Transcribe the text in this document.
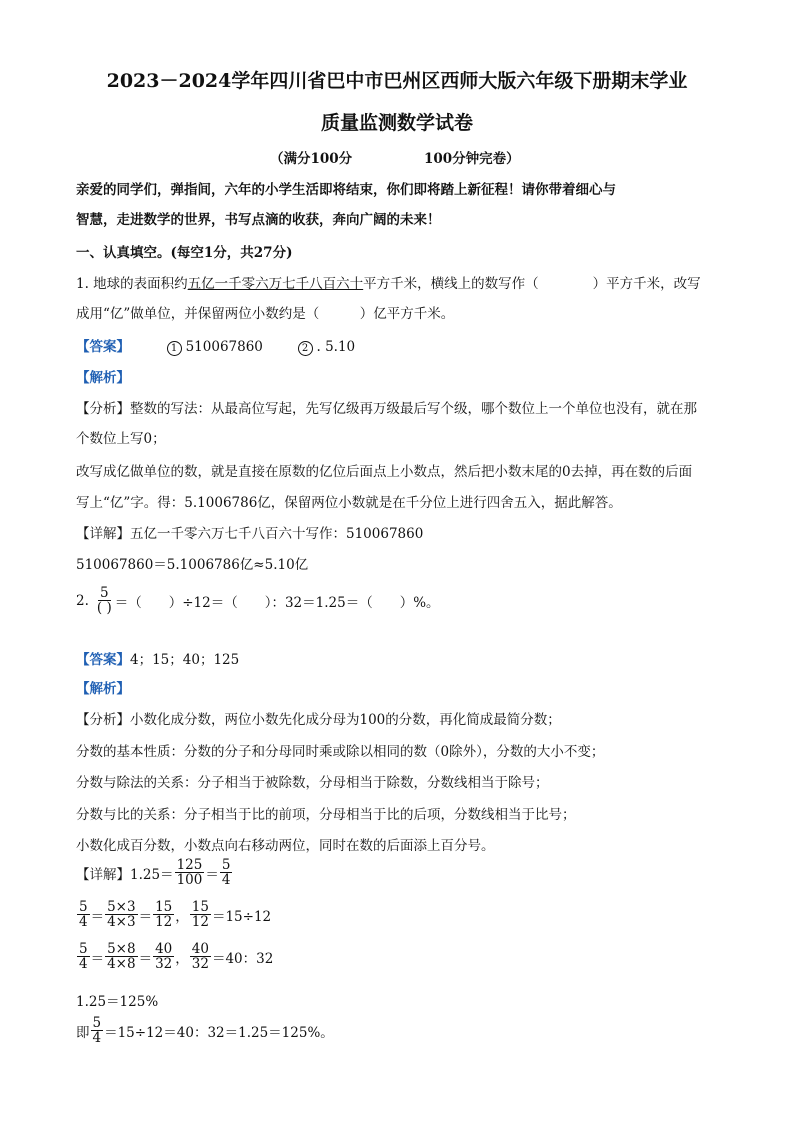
2023－2024学年四川省巴中市巴州区西师大版六年级下册期末学业
质量监测数学试卷
（满分100分	100分钟完卷）
亲爱的同学们，弹指间，六年的小学生活即将结束，你们即将踏上新征程！请你带着细心与
智慧，走进数学的世界，书写点滴的收获，奔向广阔的未来！
一、认真填空。(每空1分，共27分)
1. 地球的表面积约五亿一千零六万七千八百六十平方千米，横线上的数写作（　　　　）平方千米，改写
成用“亿”做单位，并保留两位小数约是（　　　）亿平方千米。
【答案】	1 510067860	2 . 5.10
【解析】
【分析】整数的写法：从最高位写起，先写亿级再万级最后写个级，哪个数位上一个单位也没有，就在那
个数位上写0；
改写成亿做单位的数，就是直接在原数的亿位后面点上小数点，然后把小数末尾的0去掉，再在数的后面
写上“亿”字。得：5.1006786亿，保留两位小数就是在千分位上进行四舍五入，据此解答。
【详解】五亿一千零六万七千八百六十写作：510067860
510067860＝5.1006786亿≈5.10亿
2. $\frac{5}{( )}$ ＝（　　）÷12＝（　　）：32＝1.25＝（　　）%。
【答案】4；15；40；125
【解析】
【分析】小数化成分数，两位小数先化成分母为100的分数，再化简成最简分数；
分数的基本性质：分数的分子和分母同时乘或除以相同的数（0除外），分数的大小不变；
分数与除法的关系：分子相当于被除数，分母相当于除数，分数线相当于除号；
分数与比的关系：分子相当于比的前项，分母相当于比的后项，分数线相当于比号；
小数化成百分数，小数点向右移动两位，同时在数的后面添上百分号。
【详解】 $1.25= \frac{125}{100} = \frac{5}{4}$
$\frac{5}{4} = \frac{5\times 3}{4\times 3} = \frac{15}{12}$ ， $\frac{15}{12} =15\div 12$
$\frac{5}{4} = \frac{5\times 8}{4\times 8} = \frac{40}{32}$ ， $\frac{40}{32} =40$：32
1.25＝125%
即 $\frac{5}{4} =15\div 12=40$：32＝1.25＝125%。
